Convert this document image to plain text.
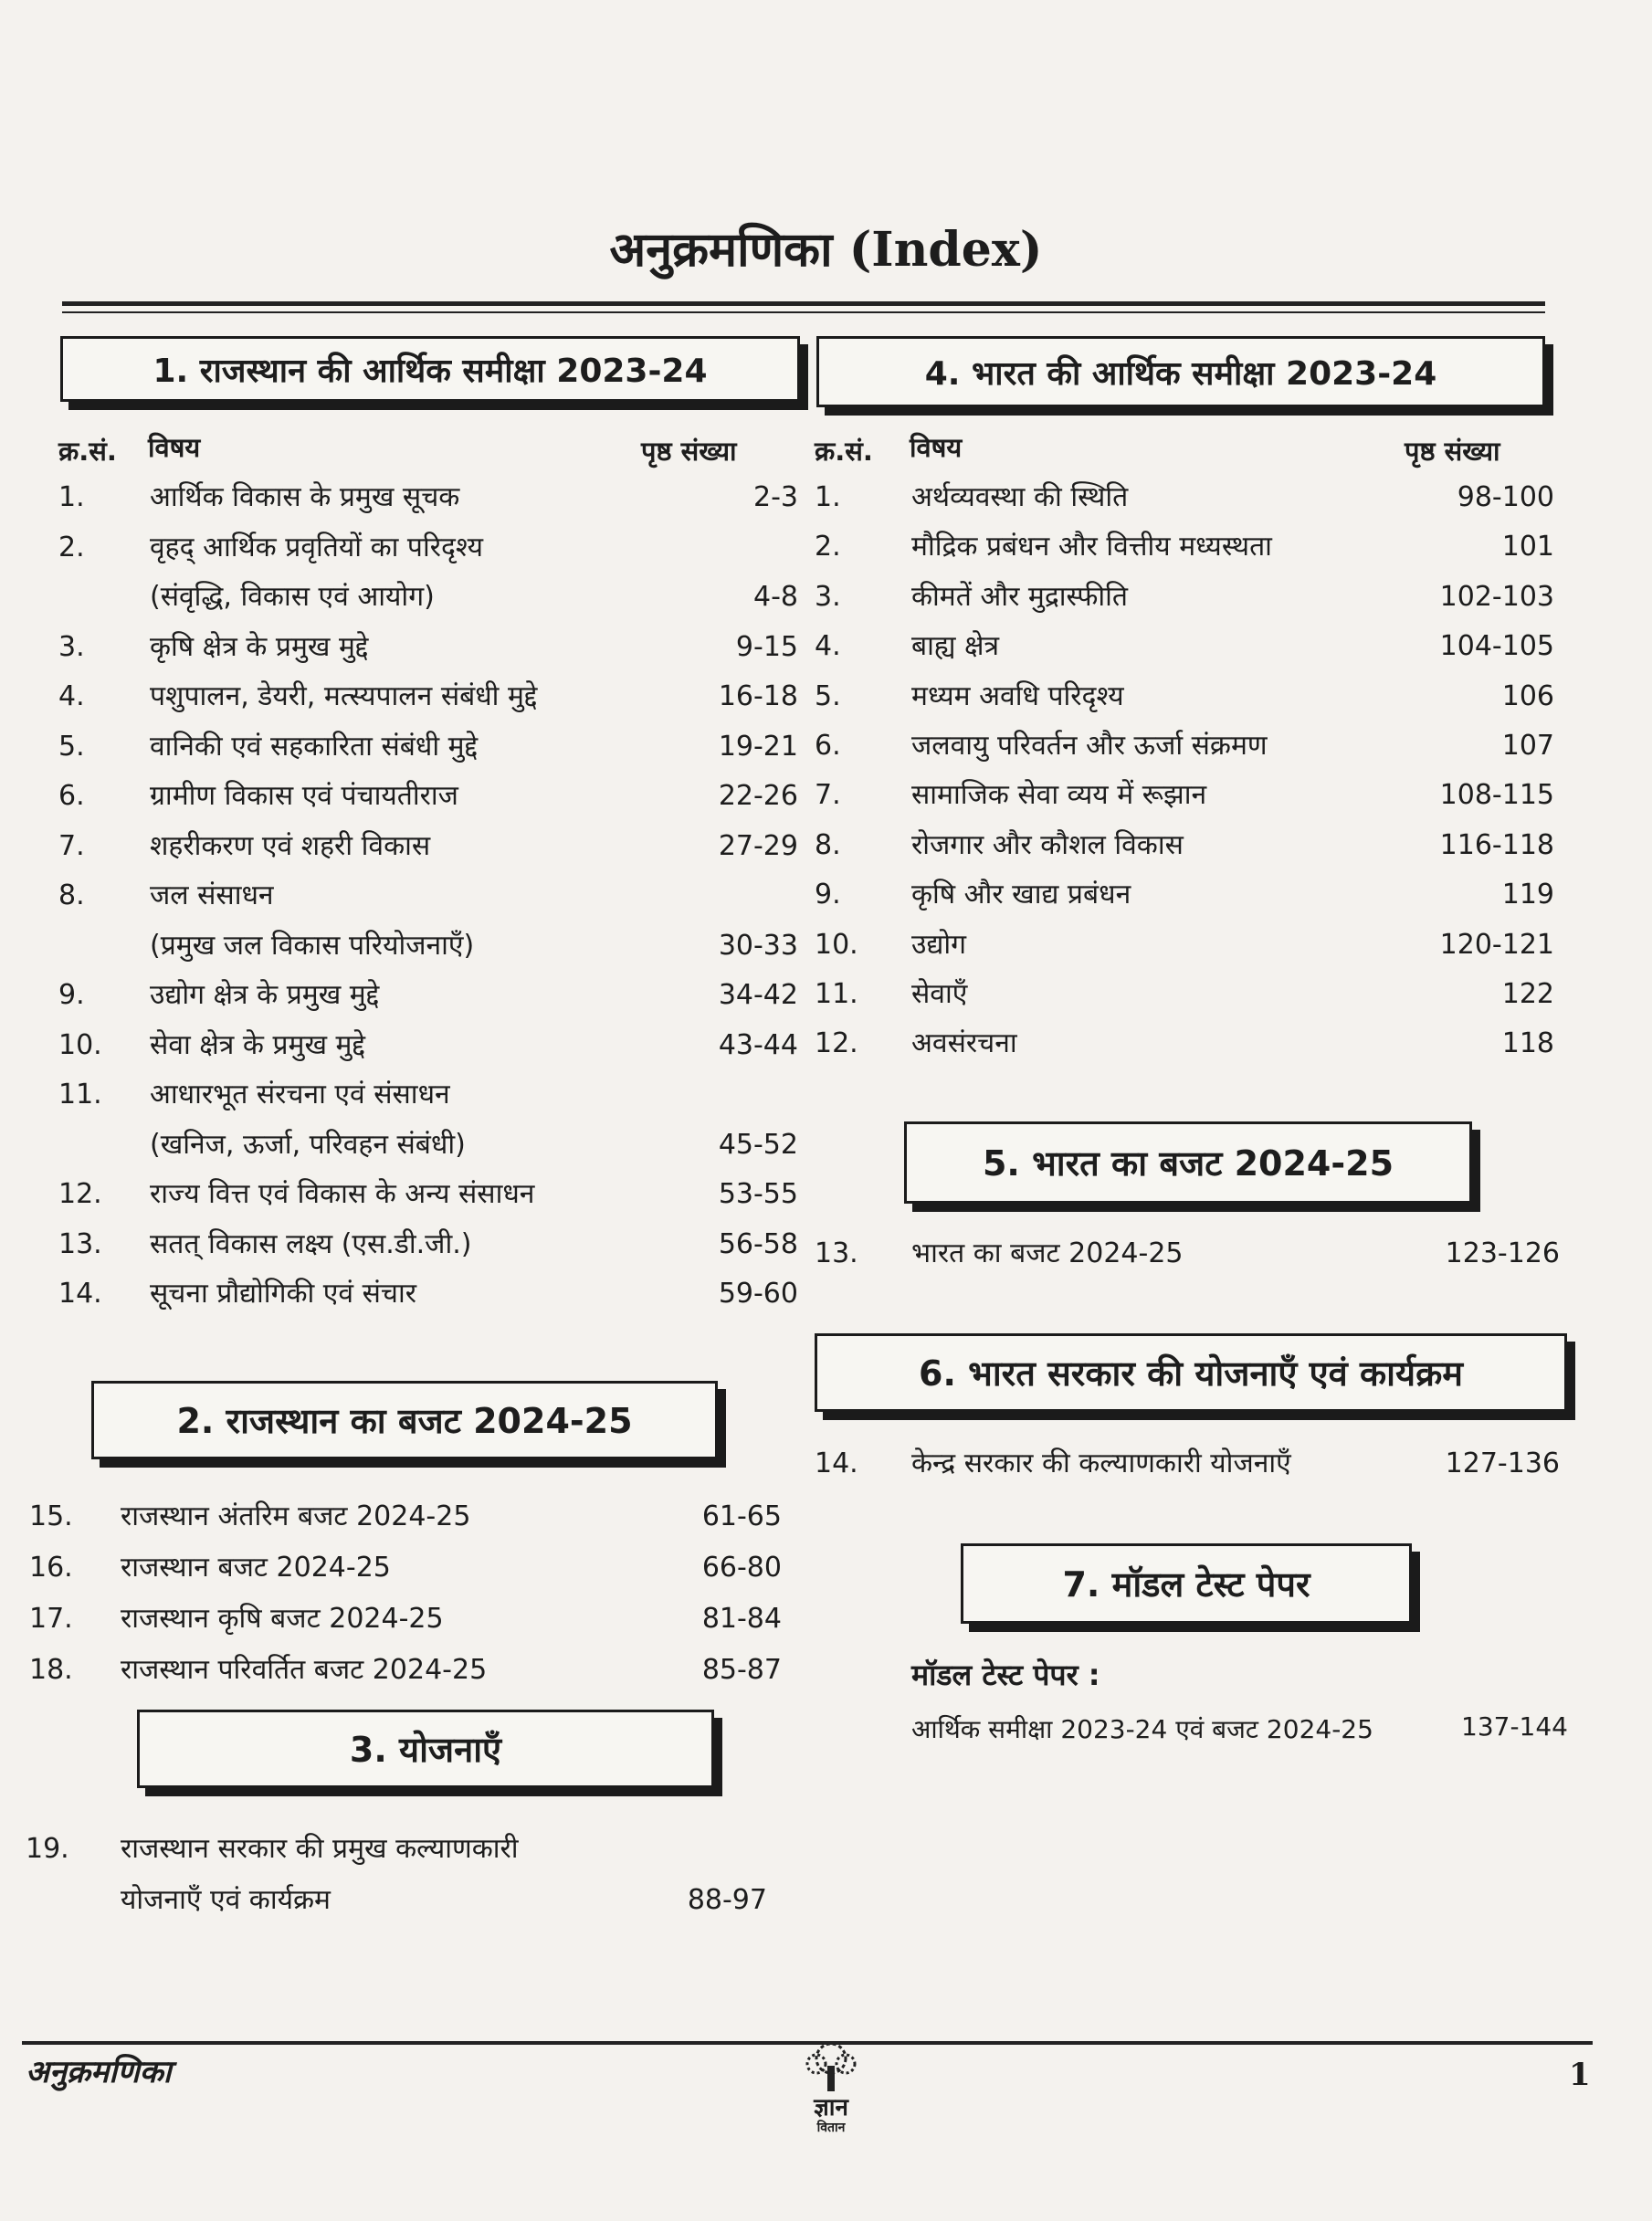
अनुक्रमणिका (Index)
1. राजस्थान की आर्थिक समीक्षा 2023-24
क्र.सं. विषय	पृष्ठ संख्या
1. आर्थिक विकास के प्रमुख सूचक	2-3
2. वृहद् आर्थिक प्रवृतियों का परिदृश्य
(संवृद्धि, विकास एवं आयोग)	4-8
3. कृषि क्षेत्र के प्रमुख मुद्दे	9-15
4. पशुपालन, डेयरी, मत्स्यपालन संबंधी मुद्दे	16-18
5. वानिकी एवं सहकारिता संबंधी मुद्दे	19-21
6. ग्रामीण विकास एवं पंचायतीराज	22-26
7. शहरीकरण एवं शहरी विकास	27-29
8. जल संसाधन
(प्रमुख जल विकास परियोजनाएँ)	30-33
9. उद्योग क्षेत्र के प्रमुख मुद्दे	34-42
10. सेवा क्षेत्र के प्रमुख मुद्दे	43-44
11. आधारभूत संरचना एवं संसाधन
(खनिज, ऊर्जा, परिवहन संबंधी)	45-52
12. राज्य वित्त एवं विकास के अन्य संसाधन	53-55
13. सतत् विकास लक्ष्य (एस.डी.जी.)	56-58
14. सूचना प्रौद्योगिकी एवं संचार	59-60
2. राजस्थान का बजट 2024-25
15. राजस्थान अंतरिम बजट 2024-25	61-65
16. राजस्थान बजट 2024-25	66-80
17. राजस्थान कृषि बजट 2024-25	81-84
18. राजस्थान परिवर्तित बजट 2024-25	85-87
3. योजनाएँ
19. राजस्थान सरकार की प्रमुख कल्याणकारी
योजनाएँ एवं कार्यक्रम	88-97
4. भारत की आर्थिक समीक्षा 2023-24
क्र.सं. विषय	पृष्ठ संख्या
1.	अर्थव्यवस्था की स्थिति	98-100
2.	मौद्रिक प्रबंधन और वित्तीय मध्यस्थता	101
3.	कीमतें और मुद्रास्फीति	102-103
4.	बाह्य क्षेत्र	104-105
5.	मध्यम अवधि परिदृश्य	106
6.	जलवायु परिवर्तन और ऊर्जा संक्रमण	107
7.	सामाजिक सेवा व्यय में रूझान	108-115
8.	रोजगार और कौशल विकास	116-118
9.	कृषि और खाद्य प्रबंधन	119
10. उद्योग	120-121
11. सेवाएँ	122
12. अवसंरचना	118
5. भारत का बजट 2024-25
13. भारत का बजट 2024-25	123-126
6. भारत सरकार की योजनाएँ एवं कार्यक्रम
14. केन्द्र सरकार की कल्याणकारी योजनाएँ	127-136
7. मॉडल टेस्ट पेपर
मॉडल टेस्ट पेपर :
आर्थिक समीक्षा 2023-24 एवं बजट 2024-25	137-144
अनुक्रमणिका
ज्ञान
वितान
1
